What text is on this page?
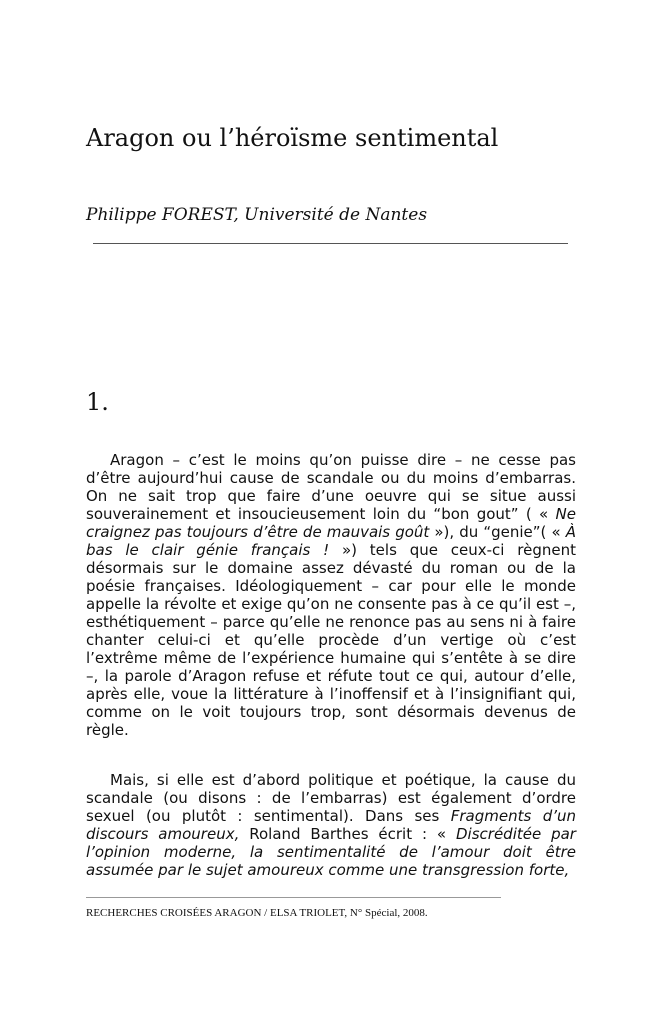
Aragon ou l’héroïsme sentimental
Philippe FOREST, Université de Nantes
1.

Aragon – c’est le moins qu’on puisse dire – ne cesse pas d’être aujourd’hui cause de scandale ou du moins d’embarras. On ne sait trop que faire d’une oeuvre qui se situe aussi souverainement et insoucieusement loin du “bon gout” ( « Ne craignez pas toujours d’être de mauvais goût »), du “genie”( « À bas le clair génie français ! ») tels que ceux-ci règnent désormais sur le domaine assez dévasté du roman ou de la poésie françaises. Idéologiquement – car pour elle le monde appelle la révolte et exige qu’on ne consente pas à ce qu’il est –, esthétiquement – parce qu’elle ne renonce pas au sens ni à faire chanter celui-ci et qu’elle procède d’un vertige où c’est l’extrême même de l’expérience humaine qui s’entête à se dire –, la parole d’Aragon refuse et réfute tout ce qui, autour d’elle, après elle, voue la littérature à l’inoffensif et à l’insignifiant qui, comme on le voit toujours trop, sont désormais devenus de règle.

Mais, si elle est d’abord politique et poétique, la cause du scandale (ou disons : de l’embarras) est également d’ordre sexuel (ou plutôt : sentimental). Dans ses Fragments d’un discours amoureux, Roland Barthes écrit : « Discréditée par l’opinion moderne, la sentimentalité de l’amour doit être assumée par le sujet amoureux comme une transgression forte,

RECHERCHES CROISÉES ARAGON / ELSA TRIOLET, N° Spécial, 2008.
